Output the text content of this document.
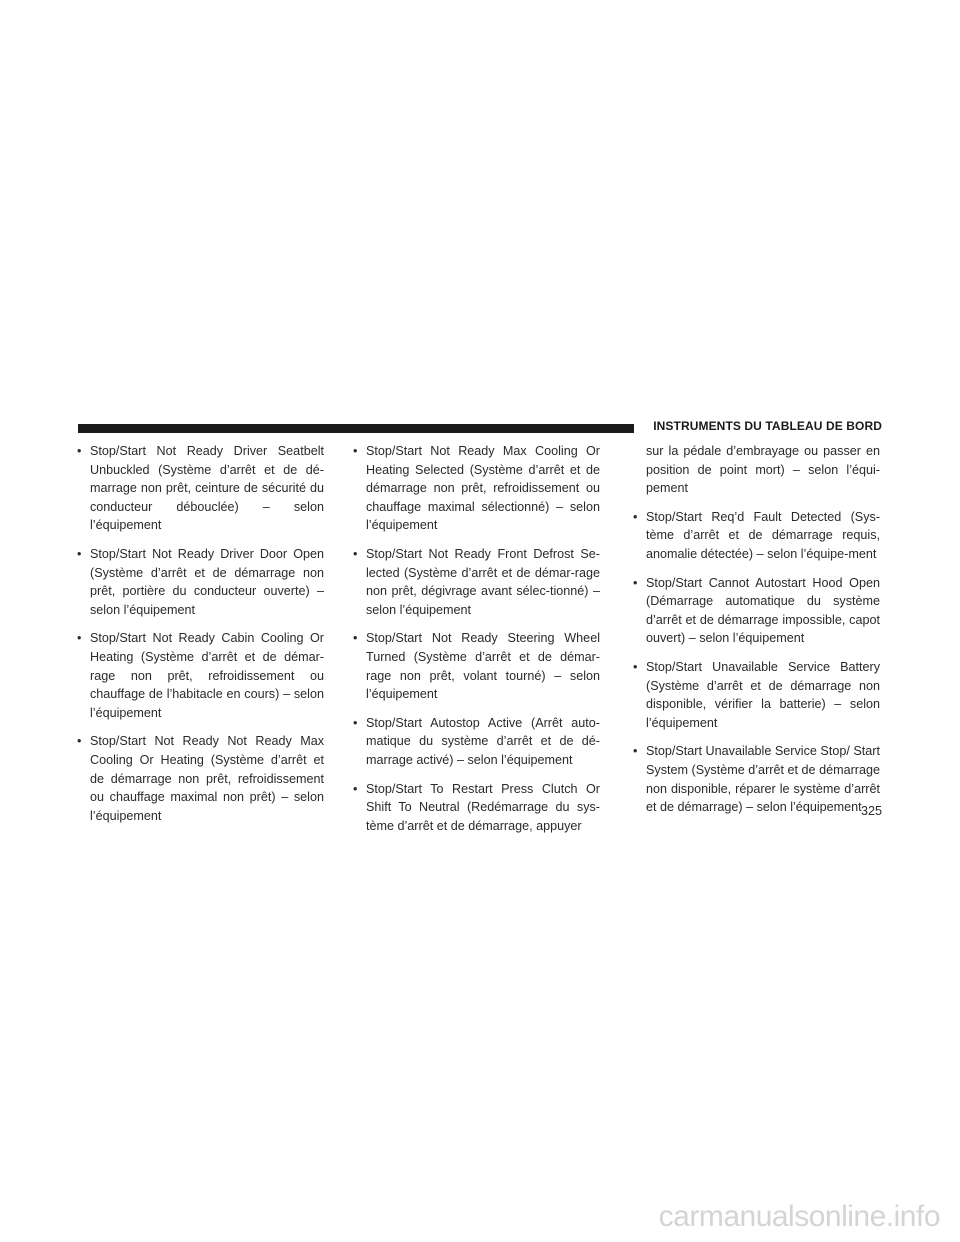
INSTRUMENTS DU TABLEAU DE BORD
• Stop/Start Not Ready Driver Seatbelt Unbuckled (Système d’arrêt et de dé-marrage non prêt, ceinture de sécurité du conducteur débouclée) – selon l’équipement
• Stop/Start Not Ready Driver Door Open (Système d’arrêt et de démarrage non prêt, portière du conducteur ouverte) – selon l’équipement
• Stop/Start Not Ready Cabin Cooling Or Heating (Système d’arrêt et de démar-rage non prêt, refroidissement ou chauffage de l’habitacle en cours) – selon l’équipement
• Stop/Start Not Ready Not Ready Max Cooling Or Heating (Système d’arrêt et de démarrage non prêt, refroidissement ou chauffage maximal non prêt) – selon l’équipement
• Stop/Start Not Ready Max Cooling Or Heating Selected (Système d’arrêt et de démarrage non prêt, refroidissement ou chauffage maximal sélectionné) – selon l’équipement
• Stop/Start Not Ready Front Defrost Se- lected (Système d’arrêt et de démar-rage non prêt, dégivrage avant sélec-tionné) – selon l’équipement
• Stop/Start Not Ready Steering Wheel Turned (Système d’arrêt et de démar-rage non prêt, volant tourné) – selon l’équipement
• Stop/Start Autostop Active (Arrêt auto- matique du système d’arrêt et de dé-marrage activé) – selon l’équipement
• Stop/Start To Restart Press Clutch Or Shift To Neutral (Redémarrage du sys-tème d’arrêt et de démarrage, appuyer
sur la pédale d’embrayage ou passer en position de point mort) – selon l’équi-pement
• Stop/Start Req’d Fault Detected (Sys- tème d’arrêt et de démarrage requis, anomalie détectée) – selon l’équipe-ment
• Stop/Start Cannot Autostart Hood Open (Démarrage automatique du système d’arrêt et de démarrage impossible, capot ouvert) – selon l’équipement
• Stop/Start Unavailable Service Battery (Système d’arrêt et de démarrage non disponible, vérifier la batterie) – selon l’équipement
• Stop/Start Unavailable Service Stop/ Start System (Système d’arrêt et de démarrage non disponible, réparer le système d’arrêt et de démarrage) – selon l’équipement 325
carmanualsonline.info
